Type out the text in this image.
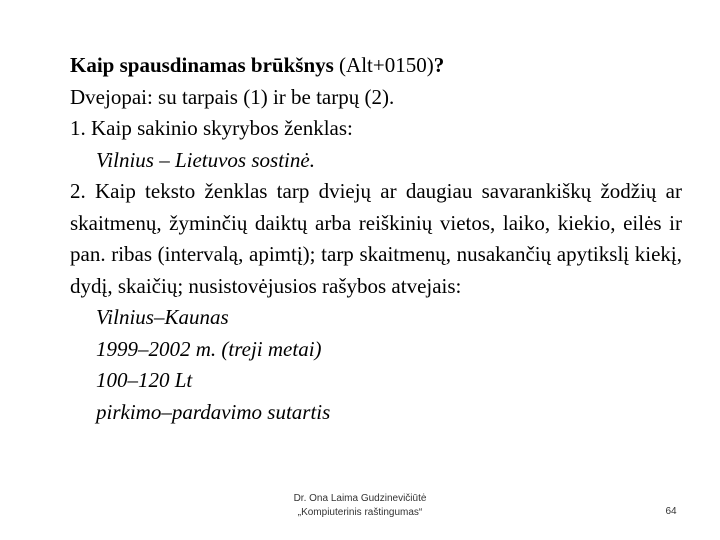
Kaip spausdinamas brūkšnys (Alt+0150)?
Dvejopai: su tarpais (1) ir be tarpų (2).
1. Kaip sakinio skyrybos ženklas:
Vilnius – Lietuvos sostinė.
2. Kaip teksto ženklas tarp dviejų ar daugiau savarankiškų žodžių ar skaitmenų, žyminčių daiktų arba reiškinių vietos, laiko, kiekio, eilės ir pan. ribas (intervalą, apimtį); tarp skaitmenų, nusakančių apytikslį kiekį, dydį, skaičių; nusistovėjusios rašybos atvejais:
Vilnius–Kaunas
1999–2002 m. (treji metai)
100–120 Lt
pirkimo–pardavimo sutartis
Dr. Ona Laima Gudzinevičiūtė
„Kompiuterinis raštingumas“	64
